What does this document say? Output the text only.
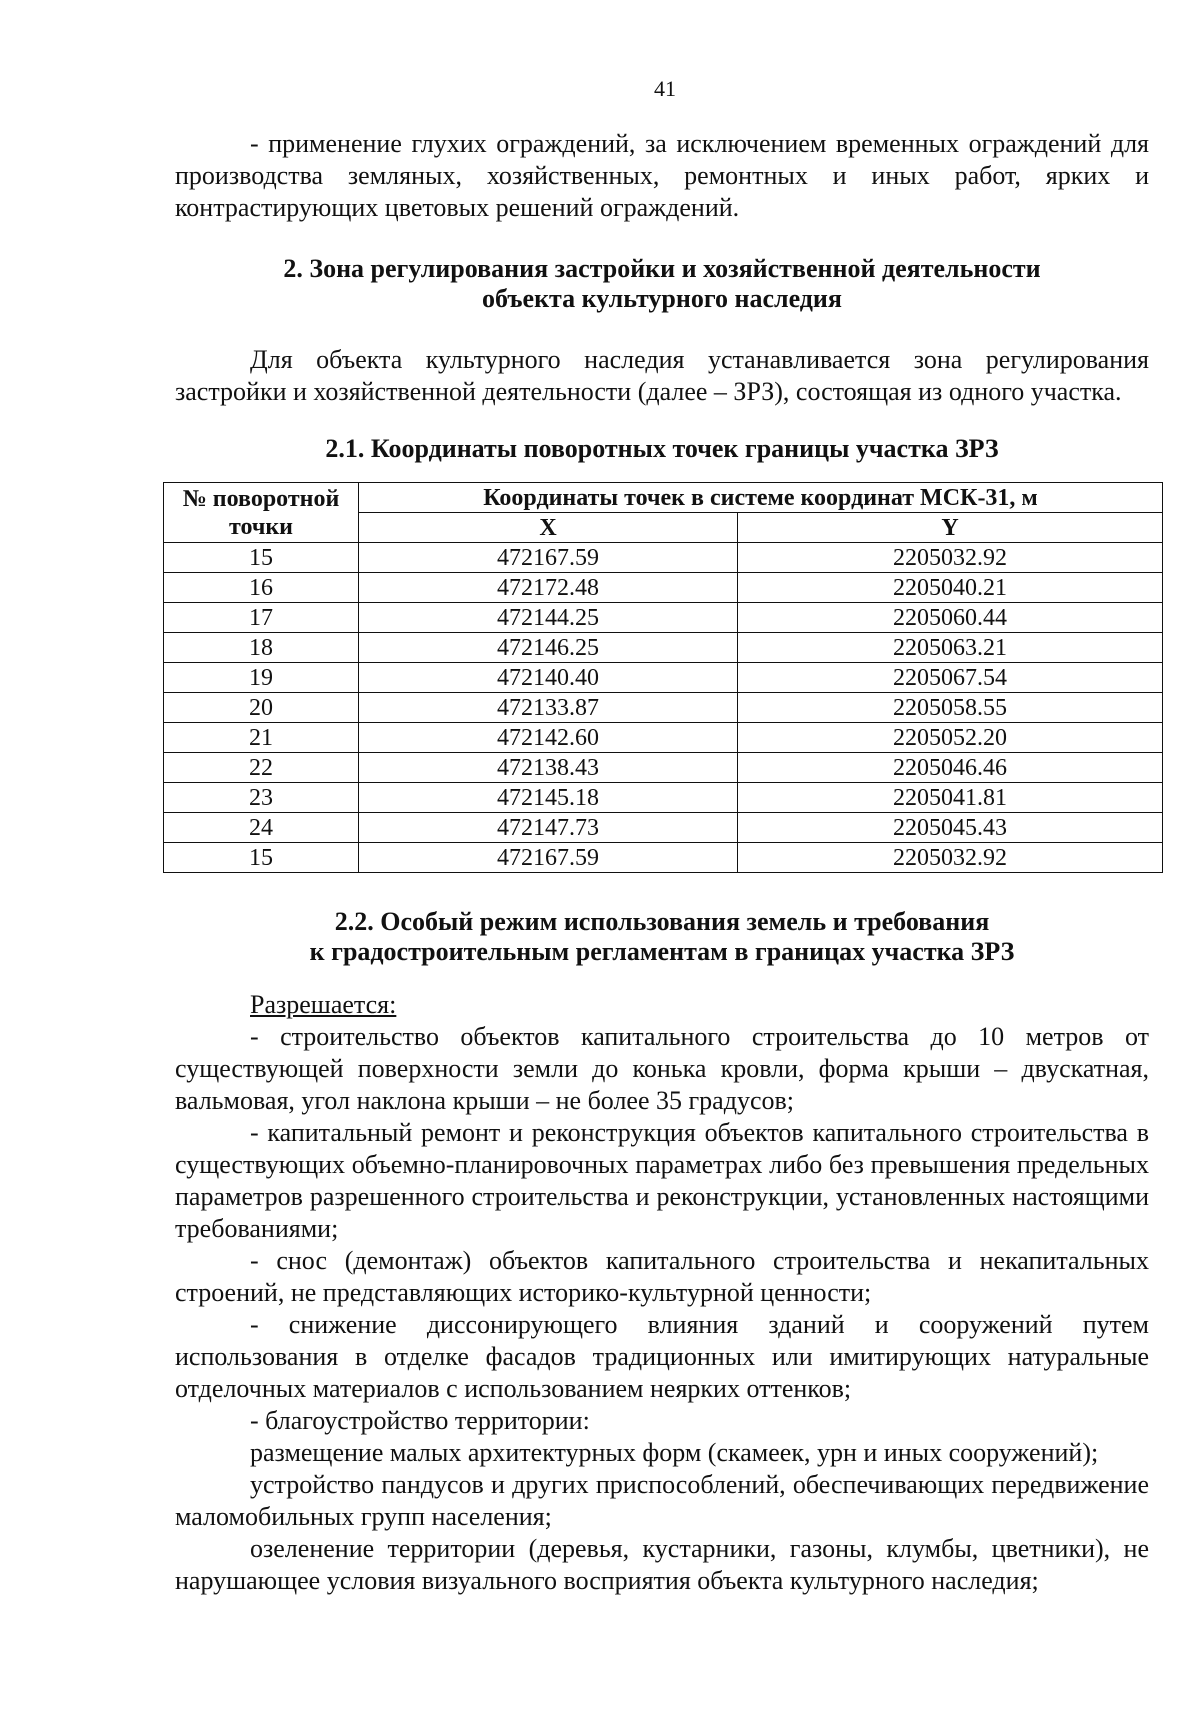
41

- применение глухих ограждений, за исключением временных ограждений для производства земляных, хозяйственных, ремонтных и иных работ, ярких и контрастирующих цветовых решений ограждений.

2. Зона регулирования застройки и хозяйственной деятельности
объекта культурного наследия

Для объекта культурного наследия устанавливается зона регулирования застройки и хозяйственной деятельности (далее – ЗРЗ), состоящая из одного участка.

2.1. Координаты поворотных точек границы участка ЗРЗ
№ поворотной точки	Координаты точек в системе координат МСК-31, м	
	X	Y
15	472167.59	2205032.92
16	472172.48	2205040.21
17	472144.25	2205060.44
18	472146.25	2205063.21
19	472140.40	2205067.54
20	472133.87	2205058.55
21	472142.60	2205052.20
22	472138.43	2205046.46
23	472145.18	2205041.81
24	472147.73	2205045.43
15	472167.59	2205032.92
2.2. Особый режим использования земель и требования
к градостроительным регламентам в границах участка ЗРЗ

Разрешается:

- строительство объектов капитального строительства до 10 метров от существующей поверхности земли до конька кровли, форма крыши – двускатная, вальмовая, угол наклона крыши – не более 35 градусов;

- капитальный ремонт и реконструкция объектов капитального строительства в существующих объемно-планировочных параметрах либо без превышения предельных параметров разрешенного строительства и реконструкции, установленных настоящими требованиями;

- снос (демонтаж) объектов капитального строительства и некапитальных строений, не представляющих историко-культурной ценности;

- снижение диссонирующего влияния зданий и сооружений путем использования в отделке фасадов традиционных или имитирующих натуральные отделочных материалов с использованием неярких оттенков;

- благоустройство территории:

размещение малых архитектурных форм (скамеек, урн и иных сооружений);

устройство пандусов и других приспособлений, обеспечивающих передвижение маломобильных групп населения;

озеленение территории (деревья, кустарники, газоны, клумбы, цветники), не нарушающее условия визуального восприятия объекта культурного наследия;
